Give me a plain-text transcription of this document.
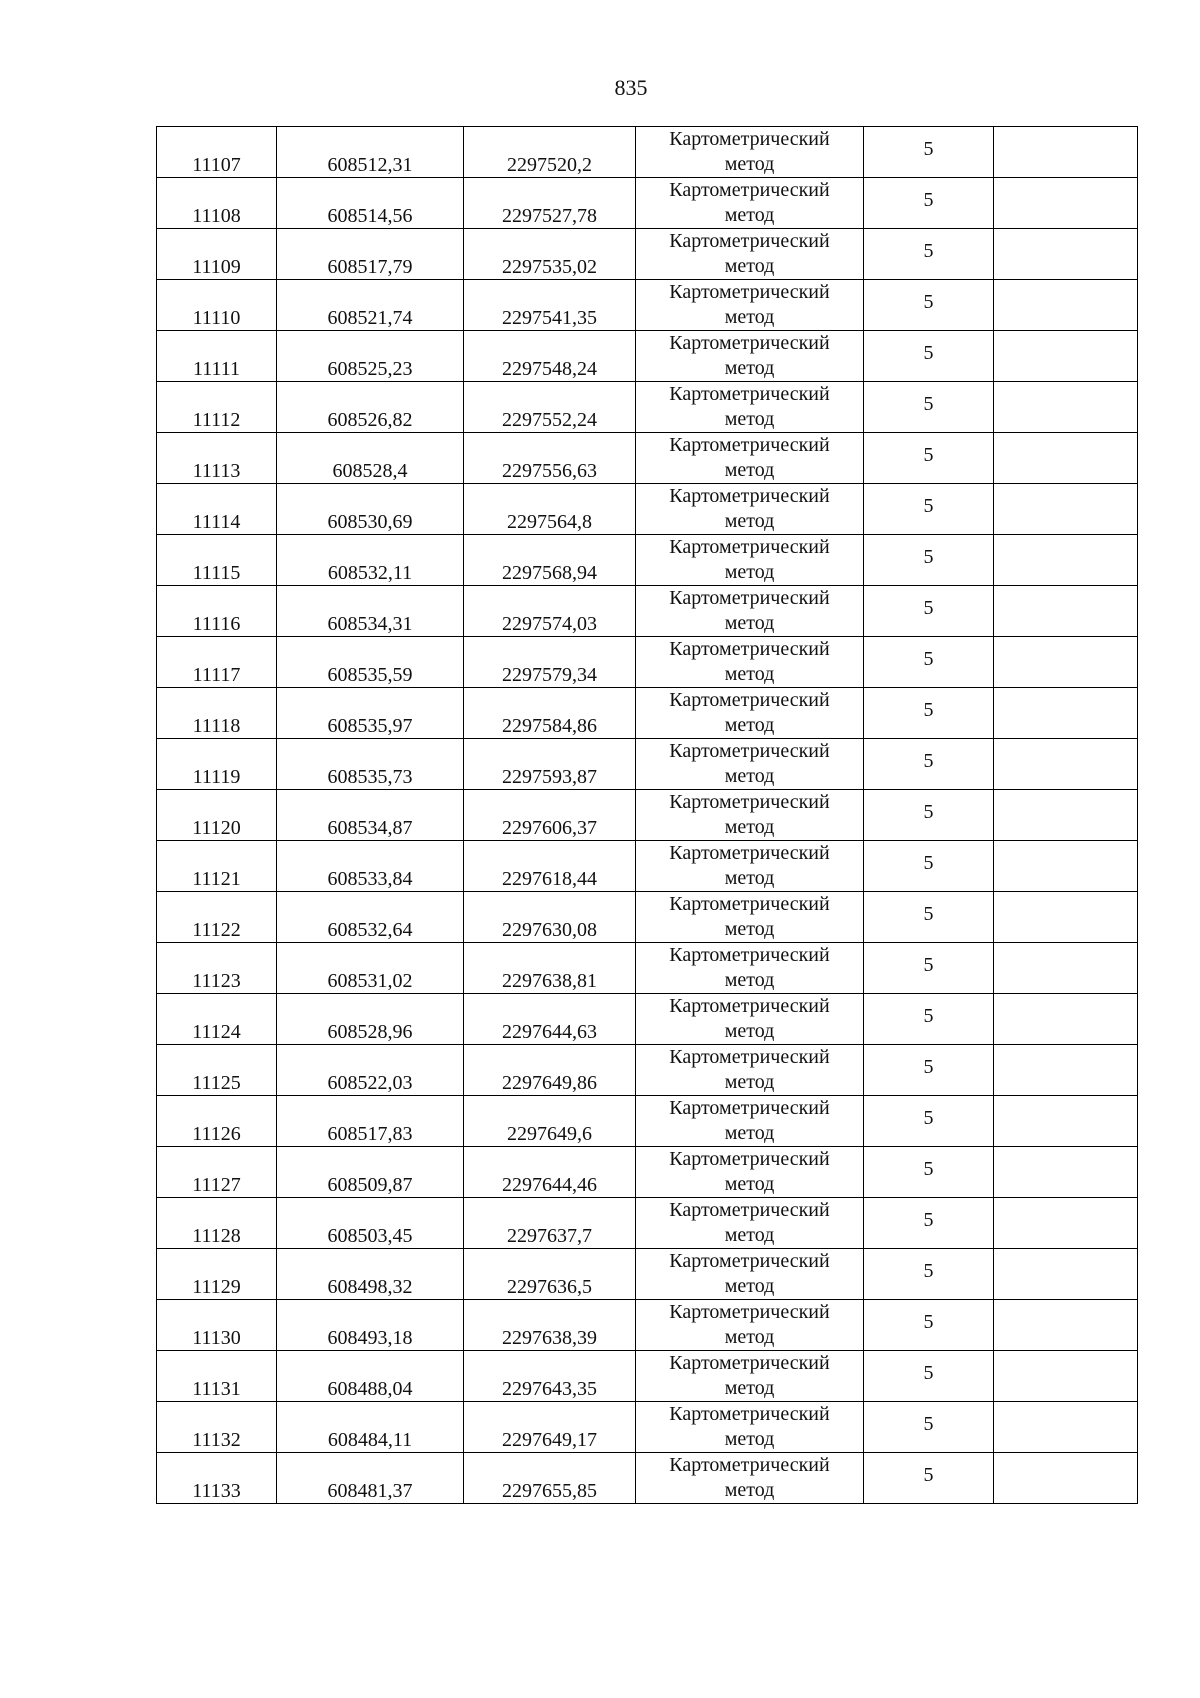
835
11107	608512,31	2297520,2	Картометрический
метод	5	
11108	608514,56	2297527,78	Картометрический
метод	5	
11109	608517,79	2297535,02	Картометрический
метод	5	
11110	608521,74	2297541,35	Картометрический
метод	5	
11111	608525,23	2297548,24	Картометрический
метод	5	
11112	608526,82	2297552,24	Картометрический
метод	5	
11113	608528,4	2297556,63	Картометрический
метод	5	
11114	608530,69	2297564,8	Картометрический
метод	5	
11115	608532,11	2297568,94	Картометрический
метод	5	
11116	608534,31	2297574,03	Картометрический
метод	5	
11117	608535,59	2297579,34	Картометрический
метод	5	
11118	608535,97	2297584,86	Картометрический
метод	5	
11119	608535,73	2297593,87	Картометрический
метод	5	
11120	608534,87	2297606,37	Картометрический
метод	5	
11121	608533,84	2297618,44	Картометрический
метод	5	
11122	608532,64	2297630,08	Картометрический
метод	5	
11123	608531,02	2297638,81	Картометрический
метод	5	
11124	608528,96	2297644,63	Картометрический
метод	5	
11125	608522,03	2297649,86	Картометрический
метод	5	
11126	608517,83	2297649,6	Картометрический
метод	5	
11127	608509,87	2297644,46	Картометрический
метод	5	
11128	608503,45	2297637,7	Картометрический
метод	5	
11129	608498,32	2297636,5	Картометрический
метод	5	
11130	608493,18	2297638,39	Картометрический
метод	5	
11131	608488,04	2297643,35	Картометрический
метод	5	
11132	608484,11	2297649,17	Картометрический
метод	5	
11133	608481,37	2297655,85	Картометрический
метод	5	
